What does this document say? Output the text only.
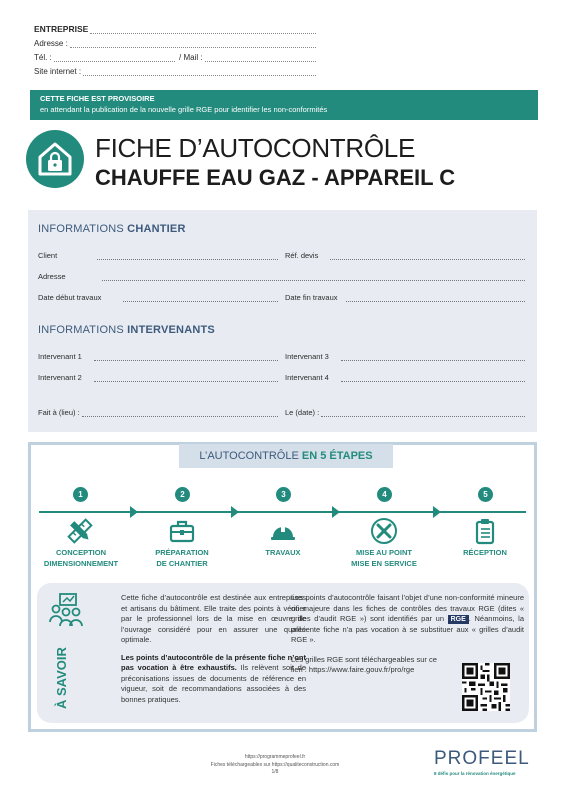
ENTREPRISE
Adresse :
Tél. :	/ Mail :
Site internet :
CETTE FICHE EST PROVISOIRE
en attendant la publication de la nouvelle grille RGE pour identifier les non-conformités
FICHE D’AUTOCONTRÔLE
CHAUFFE EAU GAZ - APPAREIL C
INFORMATIONS CHANTIER
Client	Réf. devis
Adresse
Date début travaux	Date fin travaux
INFORMATIONS INTERVENANTS
Intervenant 1	Intervenant 3
Intervenant 2	Intervenant 4
Fait à (lieu) :	Le (date) :
L’AUTOCONTRÔLE EN 5 ÉTAPES
1
CONCEPTION
DIMENSIONNEMENT
2
PRÉPARATION
DE CHANTIER
3
TRAVAUX
4
MISE AU POINT
MISE EN SERVICE
5
RÉCEPTION
À SAVOIR

Cette fiche d’autocontrôle est destinée aux entreprises et artisans du bâtiment. Elle traite des points à vérifier par le professionnel lors de la mise en œuvre de l’ouvrage considéré pour en assurer une qualité optimale.

Les points d’autocontrôle de la présente fiche n’ont pas vocation à être exhaustifs. Ils relèvent soit de préconisations issues de documents de référence en vigueur, soit de recommandations associées à des bonnes pratiques.

Les points d’autocontrôle faisant l’objet d’une non-conformité mineure ou majeure dans les fiches de contrôles des travaux RGE (dites « grilles d’audit RGE ») sont identifiés par un RGE . Néanmoins, la présente fiche n’a pas vocation à se substituer aux « grilles d’audit RGE ».

Les grilles RGE sont téléchargeables sur ce lien : https://www.faire.gouv.fr/pro/rge

https://programmeprofeel.fr
Fiches téléchargeables sur https://qualiteconstruction.com
1/8
PROFEEL
8 défis pour la rénovation énergétique
